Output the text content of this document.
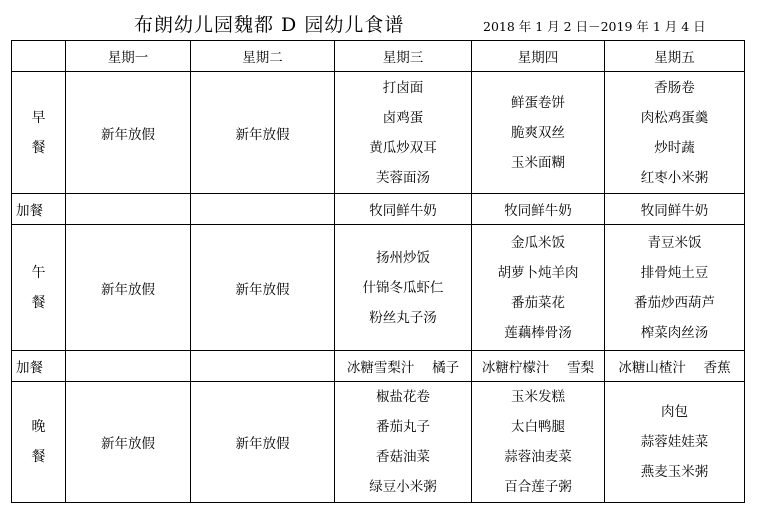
布朗幼儿园魏都 D 园幼儿食谱	2018 年 1 月 2 日－2019 年 1 月 4 日
	星期一	星期二	星期三	星期四	星期五

早
餐	新年放假	新年放假	打卤面
卤鸡蛋
黄瓜炒双耳
芙蓉面汤	鲜蛋卷饼
脆爽双丝
玉米面糊	香肠卷
肉松鸡蛋羹
炒时蔬
红枣小米粥

加餐			牧同鲜牛奶	牧同鲜牛奶	牧同鲜牛奶

午
餐	新年放假	新年放假	扬州炒饭
什锦冬瓜虾仁
粉丝丸子汤	金瓜米饭
胡萝卜炖羊肉
番茄菜花
莲藕棒骨汤	青豆米饭
排骨炖土豆
番茄炒西葫芦
榨菜肉丝汤

加餐			冰糖雪梨汁　 橘子	冰糖柠檬汁　 雪梨	冰糖山楂汁　 香蕉

晚
餐	新年放假	新年放假	椒盐花卷
番茄丸子
香菇油菜
绿豆小米粥	玉米发糕
太白鸭腿
蒜蓉油麦菜
百合莲子粥	肉包
蒜蓉娃娃菜
燕麦玉米粥
